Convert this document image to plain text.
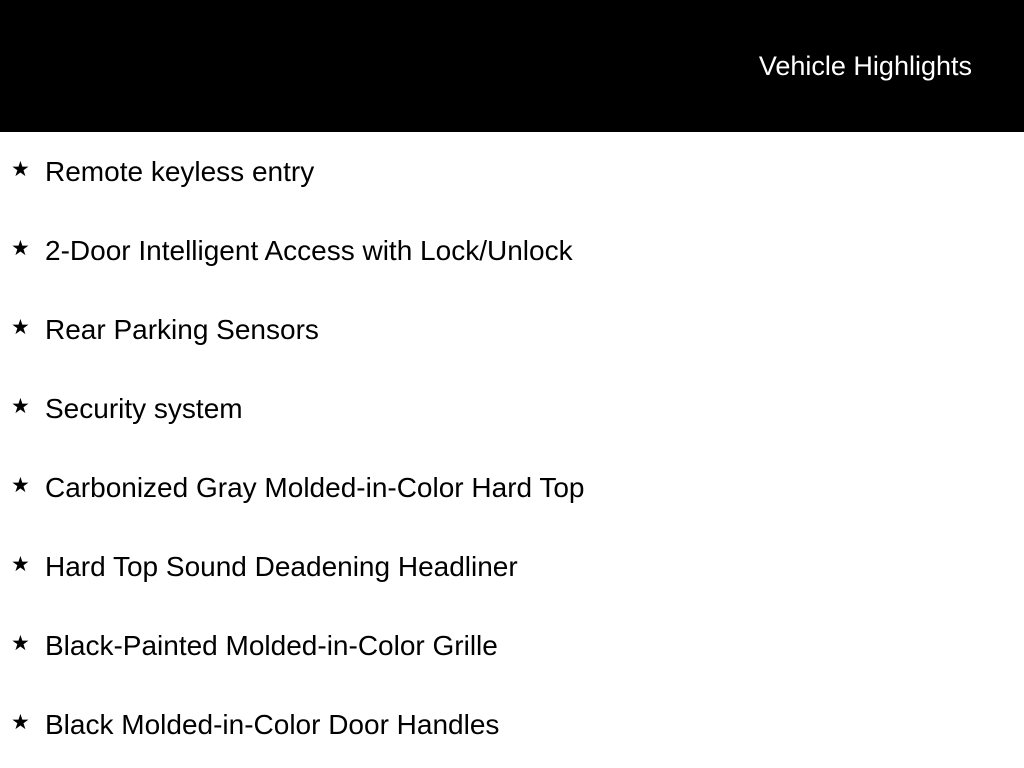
Vehicle Highlights
★ Remote keyless entry
★ 2-Door Intelligent Access with Lock/Unlock
★ Rear Parking Sensors
★ Security system
★ Carbonized Gray Molded-in-Color Hard Top
★ Hard Top Sound Deadening Headliner
★ Black-Painted Molded-in-Color Grille
★ Black Molded-in-Color Door Handles
